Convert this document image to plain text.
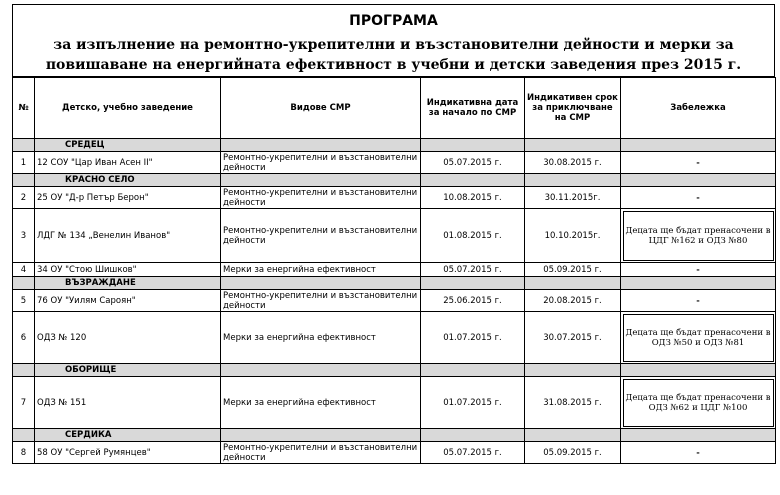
ПРОГРАМА
за изпълнение на ремонтно-укрепителни и възстановителни дейности и мерки за повишаване на енергийната ефективност в учебни и детски заведения през 2015 г.
№	Детско, учебно заведение	Видове СМР	Индикативна дата за начало по СМР	Индикативен срок за приключване на СМР	Забележка
	СРЕДЕЦ				
1	12 СОУ "Цар Иван Асен II"	Ремонтно-укрепителни и възстановителни дейности	05.07.2015 г.	30.08.2015 г.	-
	КРАСНО СЕЛО				
2	25 ОУ "Д-р Петър Берон"	Ремонтно-укрепителни и възстановителни дейности	10.08.2015 г.	30.11.2015г.	-
3	ЛДГ № 134 „Венелин Иванов"	Ремонтно-укрепителни и възстановителни дейности	01.08.2015 г.	10.10.2015г.	Децата ще бъдат пренасочени в ЦДГ №162 и ОДЗ №80
4	34 ОУ "Стою Шишков"	Мерки за енергийна ефективност	05.07.2015 г.	05.09.2015 г.	-
	ВЪЗРАЖДАНЕ				
5	76 ОУ "Уилям Сароян"	Ремонтно-укрепителни и възстановителни дейности	25.06.2015 г.	20.08.2015 г.	-
6	ОДЗ № 120	Мерки за енергийна ефективност	01.07.2015 г.	30.07.2015 г.	Децата ще бъдат пренасочени в ОДЗ №50 и ОДЗ №81
	ОБОРИЩЕ				
7	ОДЗ № 151	Мерки за енергийна ефективност	01.07.2015 г.	31.08.2015 г.	Децата ще бъдат пренасочени в ОДЗ №62 и ЦДГ №100
	СЕРДИКА				
8	58 ОУ "Сергей Румянцев"	Ремонтно-укрепителни и възстановителни дейности	05.07.2015 г.	05.09.2015 г.	-
